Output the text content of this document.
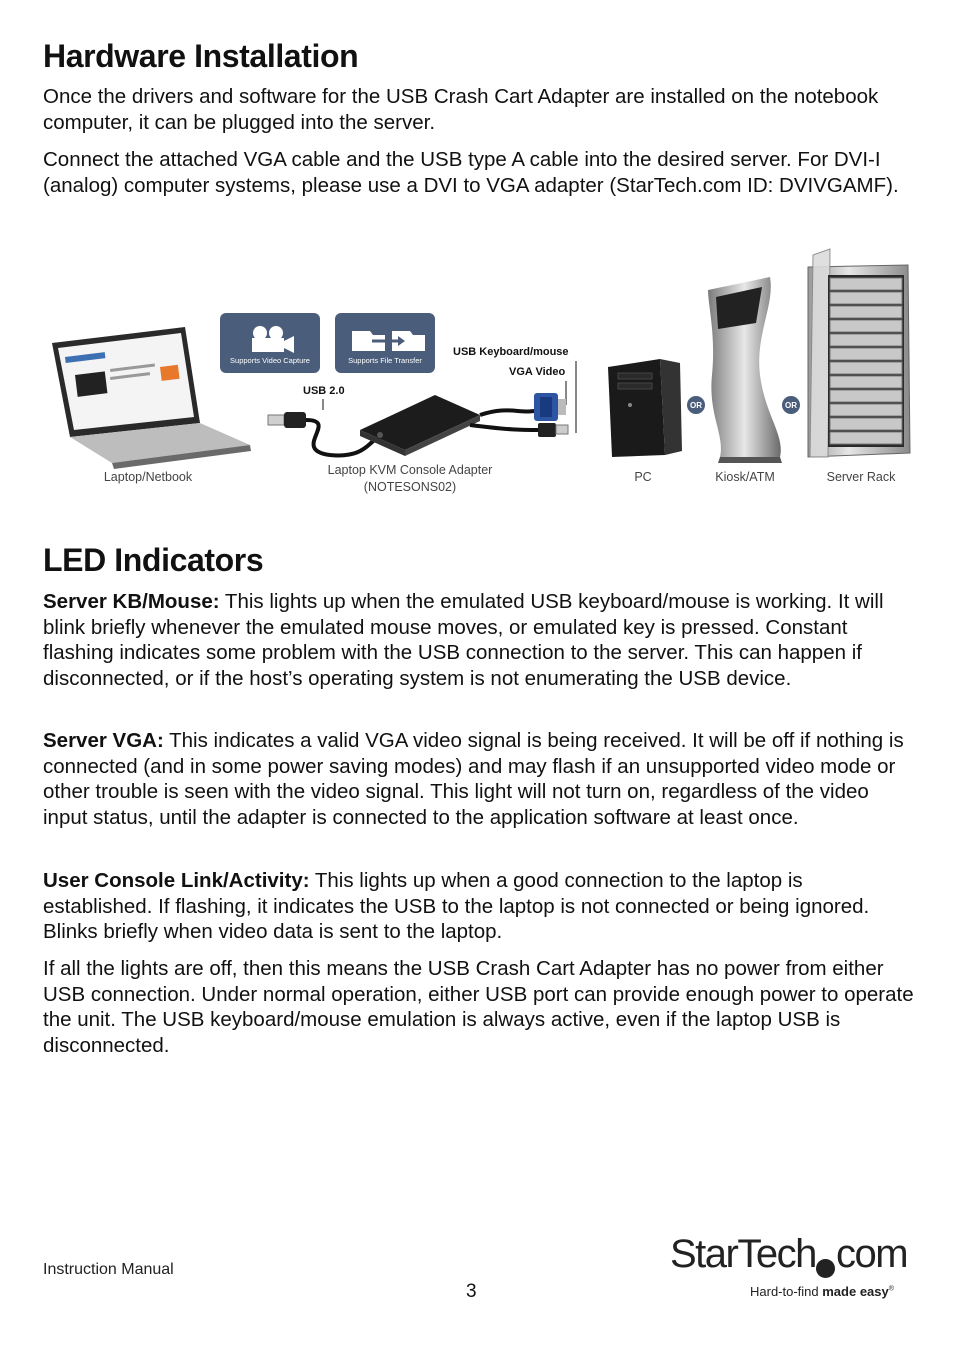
Hardware Installation

Once the drivers and software for the USB Crash Cart Adapter are installed on the notebook computer, it can be plugged into the server.

Connect the attached VGA cable and the USB type A cable into the desired server. For DVI-I (analog) computer systems, please use a DVI to VGA adapter (StarTech.com ID: DVIVGAMF).

Supports Video Capture	Supports File Transfer
USB Keyboard/mouse
VGA Video
USB 2.0
OR	OR
Laptop/Netbook	Laptop KVM Console Adapter
(NOTESONS02)
PC	Kiosk/ATM	Server Rack
LED Indicators

Server KB/Mouse: This lights up when the emulated USB keyboard/mouse is working. It will blink briefly whenever the emulated mouse moves, or emulated key is pressed. Constant flashing indicates some problem with the USB connection to the server. This can happen if disconnected, or if the host’s operating system is not enumerating the USB device.

Server VGA: This indicates a valid VGA video signal is being received. It will be off if nothing is connected (and in some power saving modes) and may flash if an unsupported video mode or other trouble is seen with the video signal. This light will not turn on, regardless of the video input status, until the adapter is connected to the application software at least once.

User Console Link/Activity: This lights up when a good connection to the laptop is established. If flashing, it indicates the USB to the laptop is not connected or being ignored. Blinks briefly when video data is sent to the laptop.

If all the lights are off, then this means the USB Crash Cart Adapter has no power from either USB connection. Under normal operation, either USB port can provide enough power to operate the unit. The USB keyboard/mouse emulation is always active, even if the laptop USB is disconnected.

Instruction Manual
3
StarTech com
Hard-to-find made easy®
